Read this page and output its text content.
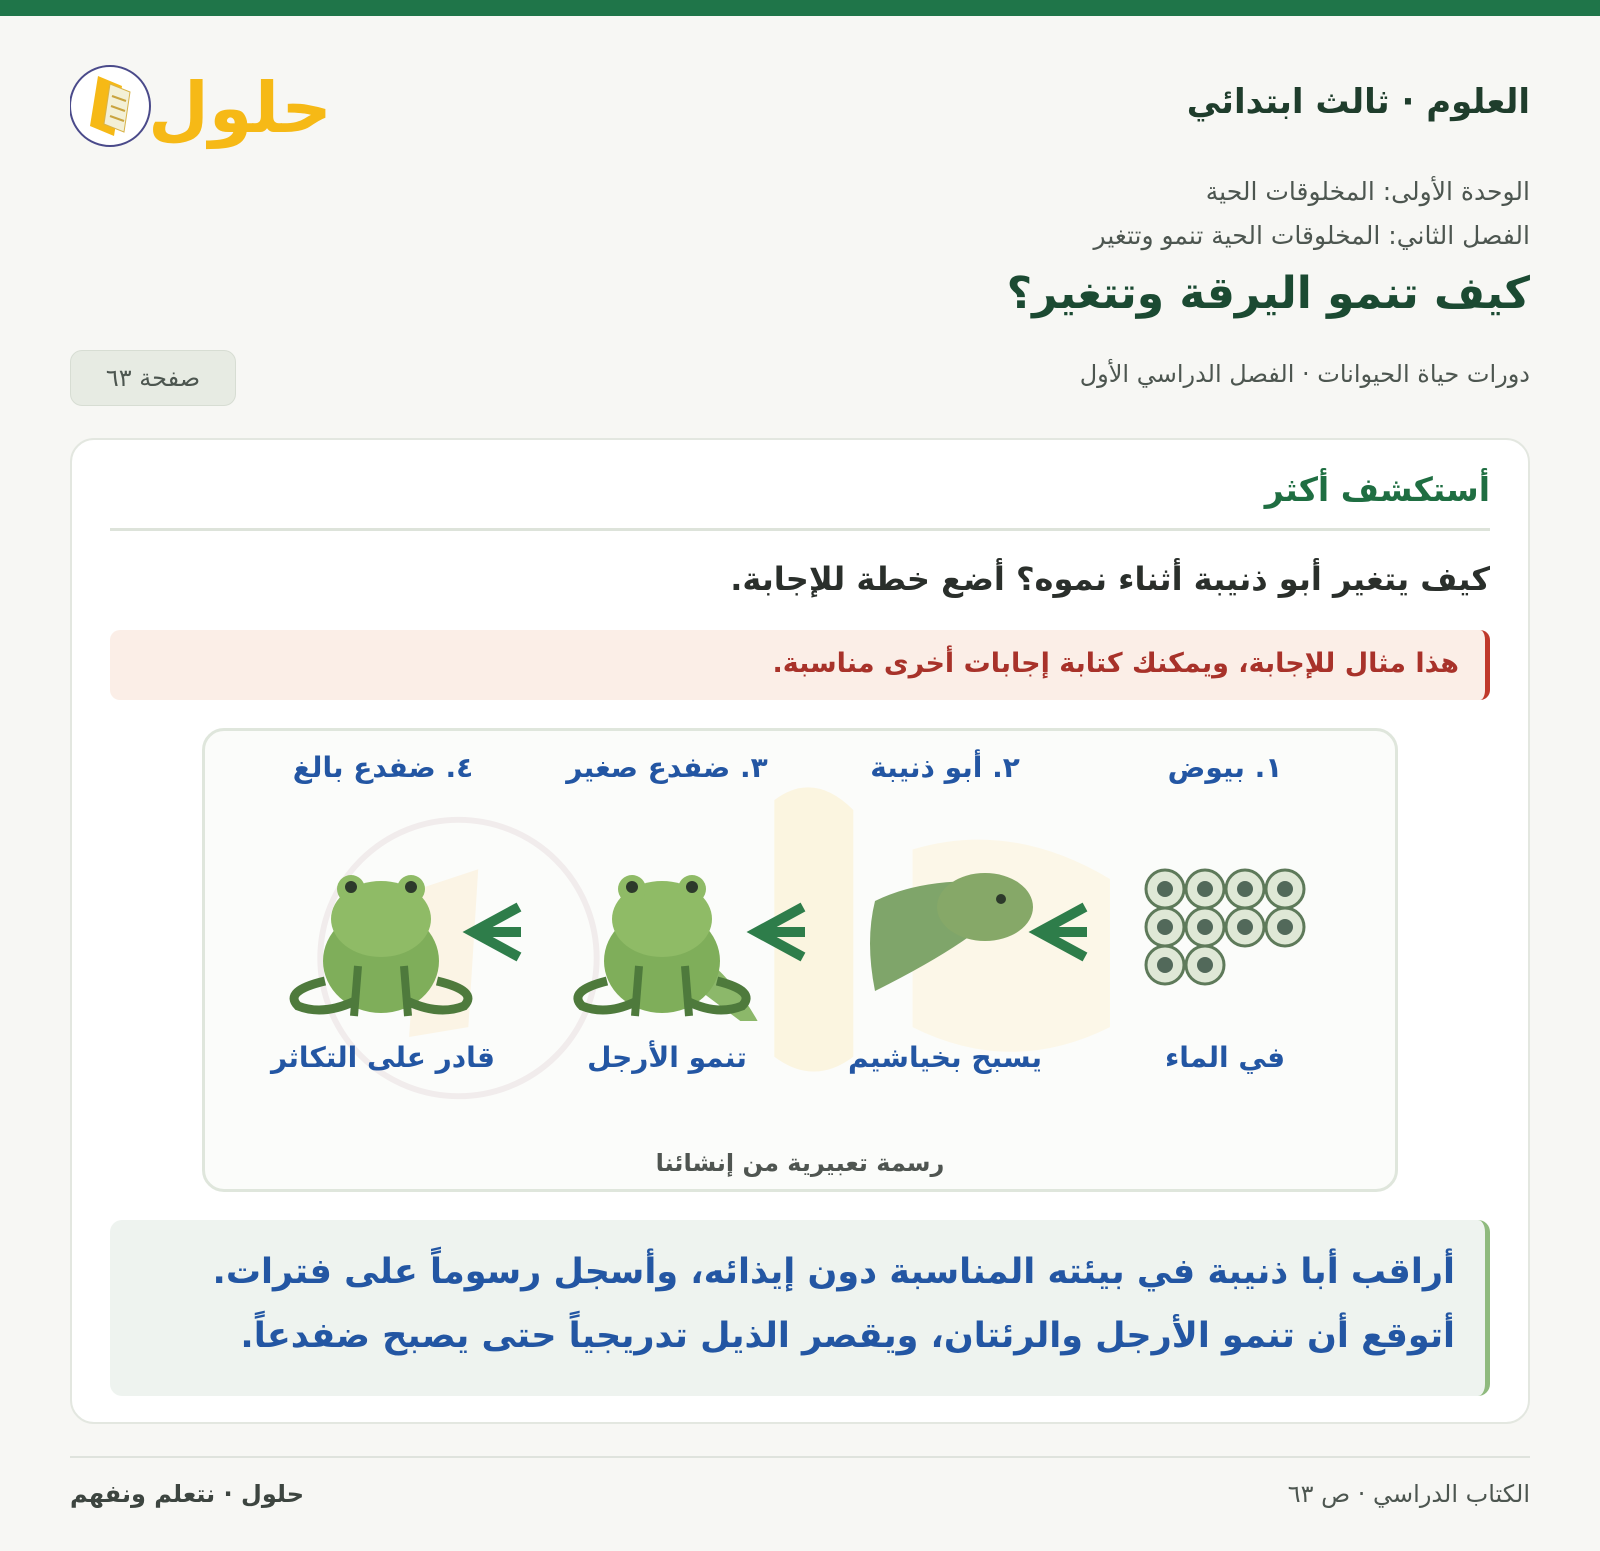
العلوم · ثالث ابتدائي
حلول
الوحدة الأولى: المخلوقات الحية
الفصل الثاني: المخلوقات الحية تنمو وتتغير
كيف تنمو اليرقة وتتغير؟
دورات حياة الحيوانات · الفصل الدراسي الأول
صفحة ٦٣
أستكشف أكثر
كيف يتغير أبو ذنيبة أثناء نموه؟ أضع خطة للإجابة.
هذا مثال للإجابة، ويمكنك كتابة إجابات أخرى مناسبة.
١. بيوض
في الماء
٢. أبو ذنيبة
يسبح بخياشيم
٣. ضفدع صغير
تنمو الأرجل
٤. ضفدع بالغ
قادر على التكاثر
رسمة تعبيرية من إنشائنا
أراقب أبا ذنيبة في بيئته المناسبة دون إيذائه، وأسجل رسوماً على فترات.
أتوقع أن تنمو الأرجل والرئتان، ويقصر الذيل تدريجياً حتى يصبح ضفدعاً.
الكتاب الدراسي · ص ٦٣
حلول · نتعلم ونفهم
